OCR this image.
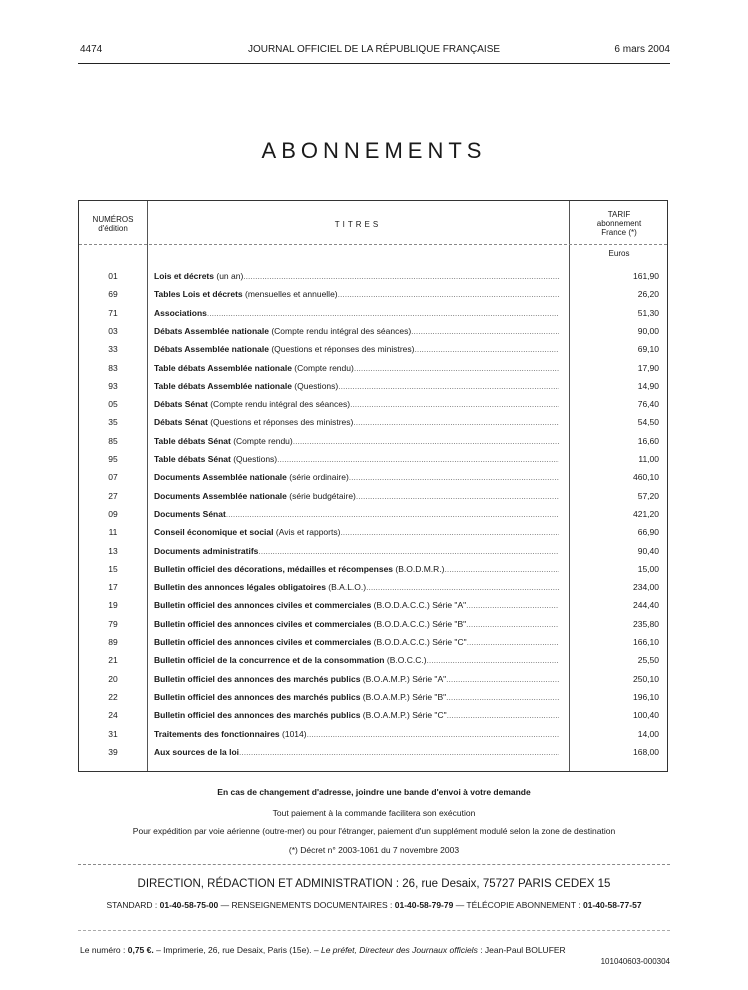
4474	JOURNAL OFFICIEL DE LA RÉPUBLIQUE FRANÇAISE	6 mars 2004
ABONNEMENTS
NUMÉROS
d'édition	TITRES
TARIF
abonnement
France (*)
Euros
01	Lois et décrets (un an) .....	161,90
69	Tables Lois et décrets (mensuelles et annuelle) .....	26,20
71	Associations .....	51,30
03	Débats Assemblée nationale (Compte rendu intégral des séances) .....	90,00
33	Débats Assemblée nationale (Questions et réponses des ministres) .....	69,10
83	Table débats Assemblée nationale (Compte rendu) .....	17,90
93	Table débats Assemblée nationale (Questions) .....	14,90
05	Débats Sénat (Compte rendu intégral des séances) .....	76,40
35	Débats Sénat (Questions et réponses des ministres) .....	54,50
85	Table débats Sénat (Compte rendu) .....	16,60
95	Table débats Sénat (Questions) .....	11,00
07	Documents Assemblée nationale (série ordinaire) .....	460,10
27	Documents Assemblée nationale (série budgétaire) .....	57,20
09	Documents Sénat .....	421,20
11	Conseil économique et social (Avis et rapports) .....	66,90
13	Documents administratifs .....	90,40
15	Bulletin officiel des décorations, médailles et récompenses (B.O.D.M.R.) .....	15,00
17	Bulletin des annonces légales obligatoires (B.A.L.O.) .....	234,00
19	Bulletin officiel des annonces civiles et commerciales (B.O.D.A.C.C.) Série "A" .....	244,40
79	Bulletin officiel des annonces civiles et commerciales (B.O.D.A.C.C.) Série "B" .....	235,80
89	Bulletin officiel des annonces civiles et commerciales (B.O.D.A.C.C.) Série "C" .....	166,10
21	Bulletin officiel de la concurrence et de la consommation (B.O.C.C.) .....	25,50
20	Bulletin officiel des annonces des marchés publics (B.O.A.M.P.) Série "A" .....	250,10
22	Bulletin officiel des annonces des marchés publics (B.O.A.M.P.) Série "B" .....	196,10
24	Bulletin officiel des annonces des marchés publics (B.O.A.M.P.) Série "C" .....	100,40
31	Traitements des fonctionnaires (1014) .....	14,00
39	Aux sources de la loi .....	168,00
En cas de changement d'adresse, joindre une bande d'envoi à votre demande
Tout paiement à la commande facilitera son exécution
Pour expédition par voie aérienne (outre-mer) ou pour l'étranger, paiement d'un supplément modulé selon la zone de destination
(*) Décret n° 2003-1061 du 7 novembre 2003
DIRECTION, RÉDACTION ET ADMINISTRATION : 26, rue Desaix, 75727 PARIS CEDEX 15
STANDARD : 01-40-58-75-00 — RENSEIGNEMENTS DOCUMENTAIRES : 01-40-58-79-79 — TÉLÉCOPIE ABONNEMENT : 01-40-58-77-57
Le numéro : 0,75 €. – Imprimerie, 26, rue Desaix, Paris (15e). – Le préfet, Directeur des Journaux officiels : Jean-Paul BOLUFER
101040603-000304
